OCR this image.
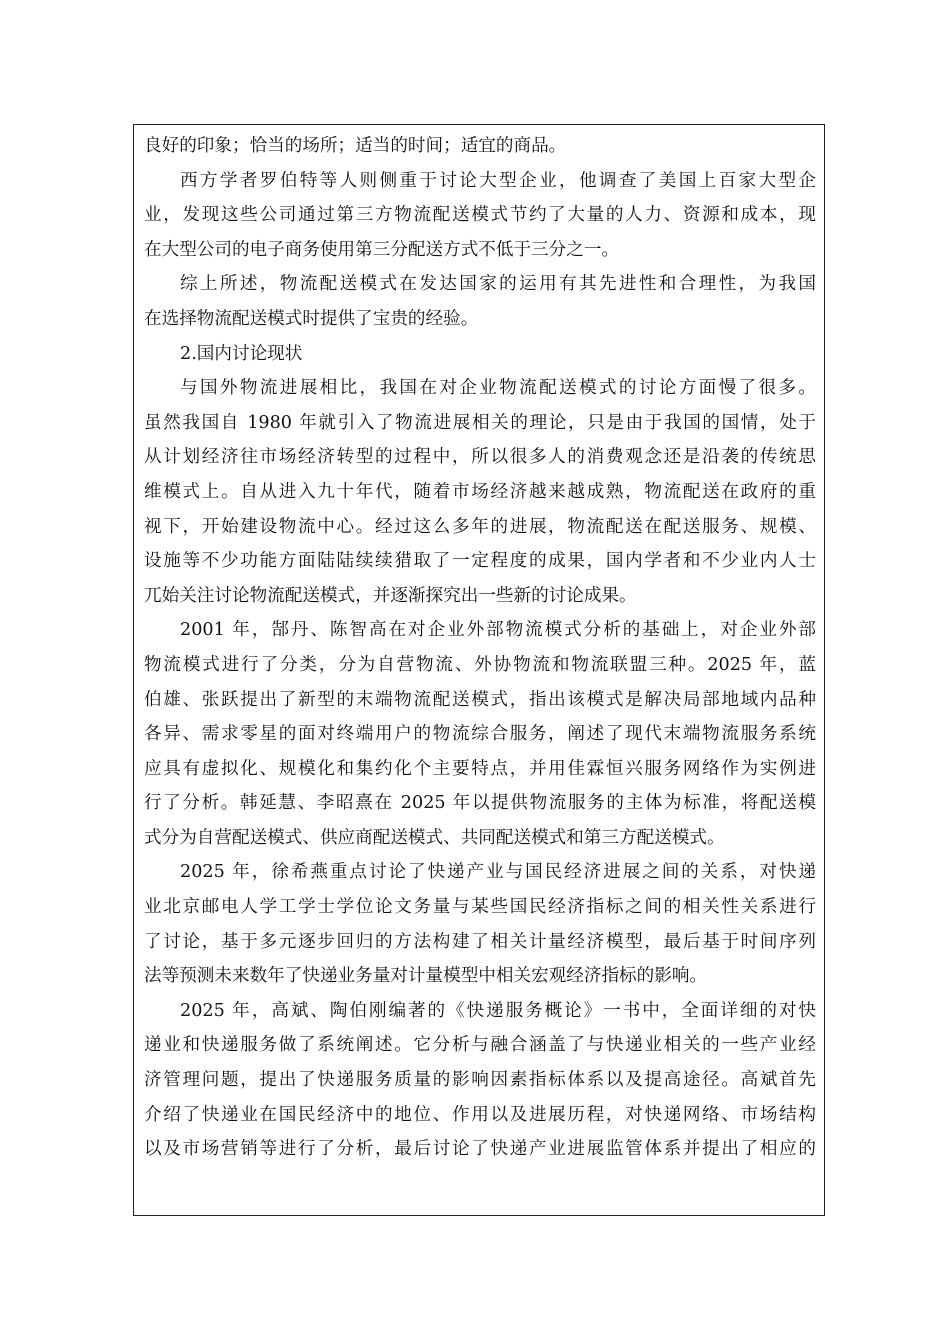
良好的印象；恰当的场所；适当的时间；适宜的商品。
西方学者罗伯特等人则侧重于讨论大型企业，他调查了美国上百家大型企
业，发现这些公司通过第三方物流配送模式节约了大量的人力、资源和成本，现
在大型公司的电子商务使用第三分配送方式不低于三分之一。
综上所述，物流配送模式在发达国家的运用有其先进性和合理性，为我国
在选择物流配送模式时提供了宝贵的经验。
2.国内讨论现状
与国外物流进展相比，我国在对企业物流配送模式的讨论方面慢了很多。
虽然我国自 1980 年就引入了物流进展相关的理论，只是由于我国的国情，处于
从计划经济往市场经济转型的过程中，所以很多人的消费观念还是沿袭的传统思
维模式上。自从进入九十年代，随着市场经济越来越成熟，物流配送在政府的重
视下，开始建设物流中心。经过这么多年的进展，物流配送在配送服务、规模、
设施等不少功能方面陆陆续续猎取了一定程度的成果，国内学者和不少业内人士
兀始关注讨论物流配送模式，并逐渐探究出一些新的讨论成果。
2001 年，郜丹、陈智高在对企业外部物流模式分析的基础上，对企业外部
物流模式进行了分类，分为自营物流、外协物流和物流联盟三种。2025 年，蓝
伯雄、张跃提出了新型的末端物流配送模式，指出该模式是解决局部地域内品种
各异、需求零星的面对终端用户的物流综合服务，阐述了现代末端物流服务系统
应具有虚拟化、规模化和集约化个主要特点，并用佳霖恒兴服务网络作为实例进
行了分析。韩延慧、李昭熹在 2025 年以提供物流服务的主体为标准，将配送模
式分为自营配送模式、供应商配送模式、共同配送模式和第三方配送模式。
2025 年，徐希燕重点讨论了快递产业与国民经济进展之间的关系，对快递
业北京邮电人学工学士学位论文务量与某些国民经济指标之间的相关性关系进行
了讨论，基于多元逐步回归的方法构建了相关计量经济模型，最后基于时间序列
法等预测未来数年了快递业务量对计量模型中相关宏观经济指标的影响。
2025 年，高斌、陶伯刚编著的《快递服务概论》一书中，全面详细的对快
递业和快递服务做了系统阐述。它分析与融合涵盖了与快递业相关的一些产业经
济管理问题，提出了快递服务质量的影响因素指标体系以及提高途径。高斌首先
介绍了快递业在国民经济中的地位、作用以及进展历程，对快递网络、市场结构
以及市场营销等进行了分析，最后讨论了快递产业进展监管体系并提出了相应的
